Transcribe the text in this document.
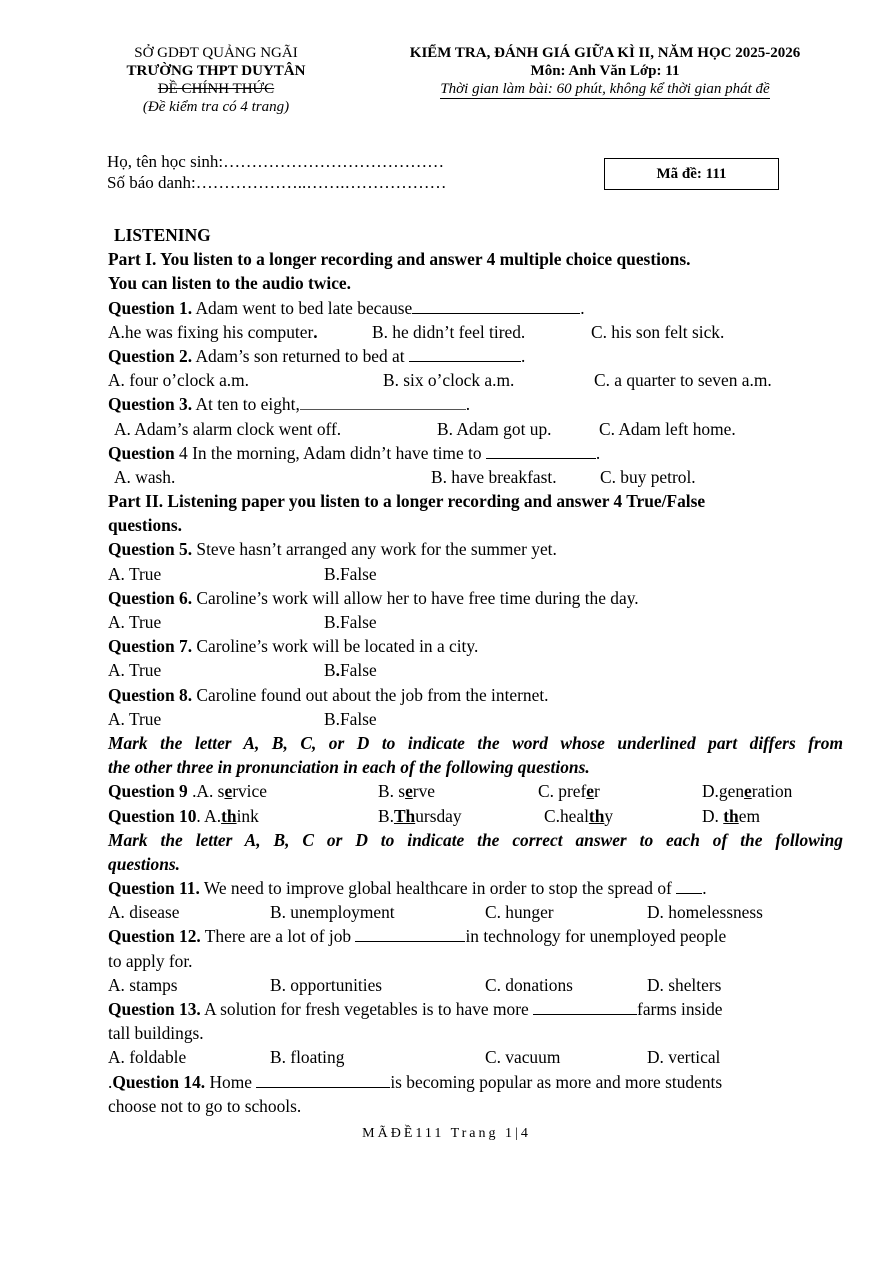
SỞ GDĐT QUẢNG NGÃI
TRƯỜNG THPT DUYTÂN
ĐỀ CHÍNH THỨC
(Đề kiểm tra có 4 trang)
KIỂM TRA, ĐÁNH GIÁ GIỮA KÌ II, NĂM HỌC 2025-2026
Môn: Anh Văn Lớp: 11
Thời gian làm bài: 60 phút, không kể thời gian phát đề
Họ, tên học sinh:…………………………………
Số báo danh:………………..…….………………	Mã đề: 111
LISTENING
Part I. You listen to a longer recording and answer 4 multiple choice questions.
You can listen to the audio twice.
Question 1. Adam went to bed late because	.
A.he was fixing his computer.	B. he didn’t feel tired.	C. his son felt sick.
Question 2. Adam’s son returned to bed at	.
A. four o’clock a.m.	B. six o’clock a.m.	C. a quarter to seven a.m.
Question 3. At ten to eight,	.
A. Adam’s alarm clock went off.	B. Adam got up.	C. Adam left home.
Question 4 In the morning, Adam didn’t have time to	.
A. wash.	B. have breakfast. C. buy petrol.
Part II. Listening paper you listen to a longer recording and answer 4 True/False
questions.
Question 5. Steve hasn’t arranged any work for the summer yet.
A. True	B.False
Question 6. Caroline’s work will allow her to have free time during the day.
A. True	B.False
Question 7. Caroline’s work will be located in a city.
A. True	B.False
Question 8. Caroline found out about the job from the internet.
A. True	B.False
Mark the letter A, B, C, or D to indicate the word whose underlined part differs from
the other three in pronunciation in each of the following questions.
Question 9 .A. service	B. serve	C. prefer	D.generation
Question 10. A.think	B.Thursday	C.healthy	D. them
Mark the letter A, B, C or D to indicate the correct answer to each of the following
questions.
Question 11. We need to improve global healthcare in order to stop the spread of .
A. disease	B. unemployment	C. hunger	D. homelessness
Question 12. There are a lot of job	in technology for unemployed people
to apply for.
A. stamps	B. opportunities	C. donations	D. shelters
Question 13. A solution for fresh vegetables is to have more	farms inside
tall buildings.
A. foldable	B. floating	C. vacuum	D. vertical
.Question 14. Home	is becoming popular as more and more students
choose not to go to schools.
MÃĐỀ111 Trang 1|4
